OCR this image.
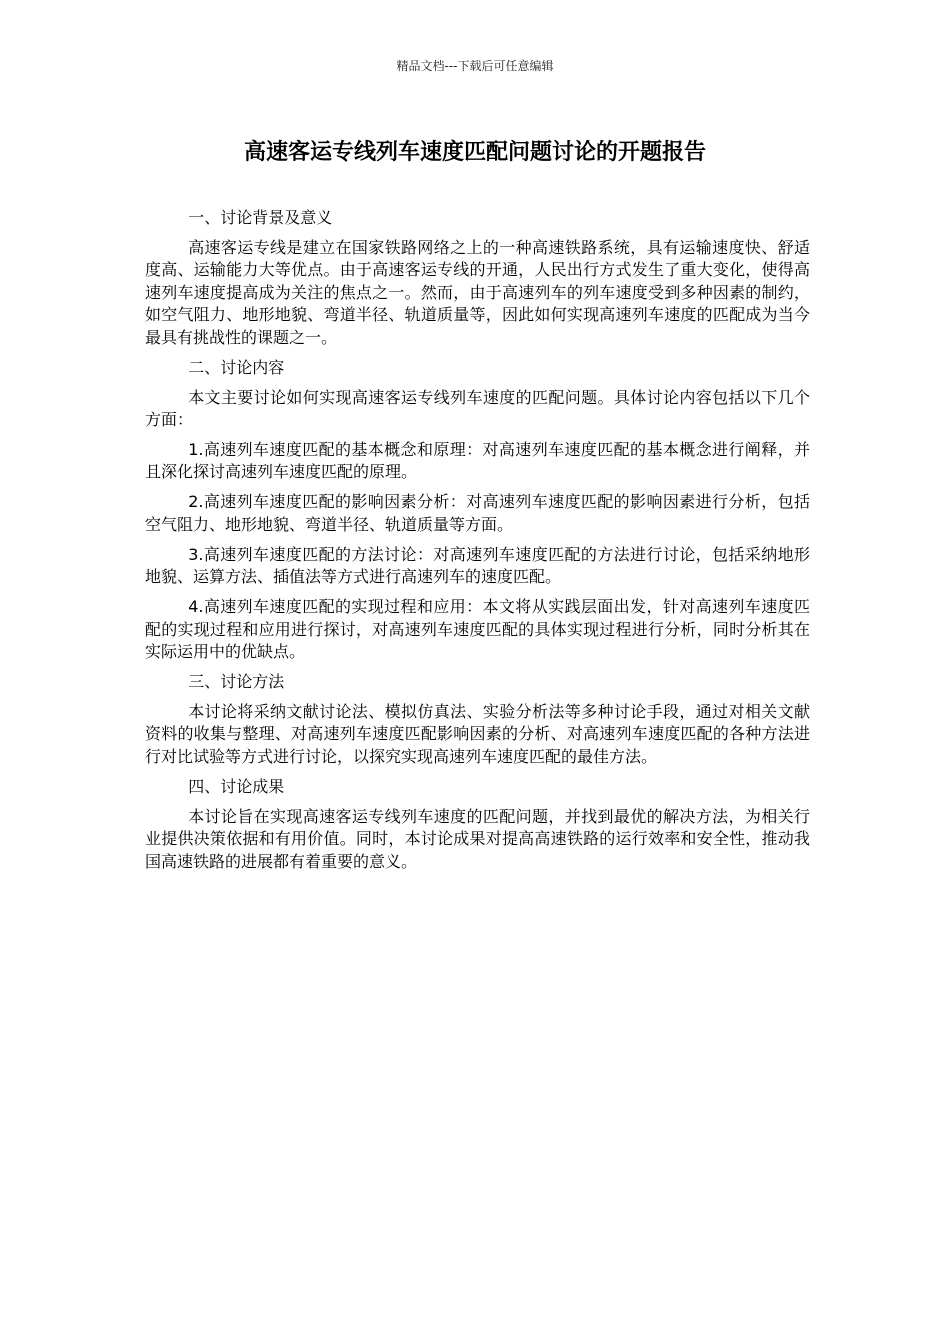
精品文档---下载后可任意编辑
高速客运专线列车速度匹配问题讨论的开题报告

一、讨论背景及意义

高速客运专线是建立在国家铁路网络之上的一种高速铁路系统，具有运输速度快、舒适度高、运输能力大等优点。由于高速客运专线的开通，人民出行方式发生了重大变化，使得高速列车速度提高成为关注的焦点之一。然而，由于高速列车的列车速度受到多种因素的制约，如空气阻力、地形地貌、弯道半径、轨道质量等，因此如何实现高速列车速度的匹配成为当今最具有挑战性的课题之一。

二、讨论内容

本文主要讨论如何实现高速客运专线列车速度的匹配问题。具体讨论内容包括以下几个方面：

1.高速列车速度匹配的基本概念和原理：对高速列车速度匹配的基本概念进行阐释，并且深化探讨高速列车速度匹配的原理。

2.高速列车速度匹配的影响因素分析：对高速列车速度匹配的影响因素进行分析，包括空气阻力、地形地貌、弯道半径、轨道质量等方面。

3.高速列车速度匹配的方法讨论：对高速列车速度匹配的方法进行讨论，包括采纳地形地貌、运算方法、插值法等方式进行高速列车的速度匹配。

4.高速列车速度匹配的实现过程和应用：本文将从实践层面出发，针对高速列车速度匹配的实现过程和应用进行探讨，对高速列车速度匹配的具体实现过程进行分析，同时分析其在实际运用中的优缺点。

三、讨论方法

本讨论将采纳文献讨论法、模拟仿真法、实验分析法等多种讨论手段，通过对相关文献资料的收集与整理、对高速列车速度匹配影响因素的分析、对高速列车速度匹配的各种方法进行对比试验等方式进行讨论，以探究实现高速列车速度匹配的最佳方法。

四、讨论成果

本讨论旨在实现高速客运专线列车速度的匹配问题，并找到最优的解决方法，为相关行业提供决策依据和有用价值。同时，本讨论成果对提高高速铁路的运行效率和安全性，推动我国高速铁路的进展都有着重要的意义。
